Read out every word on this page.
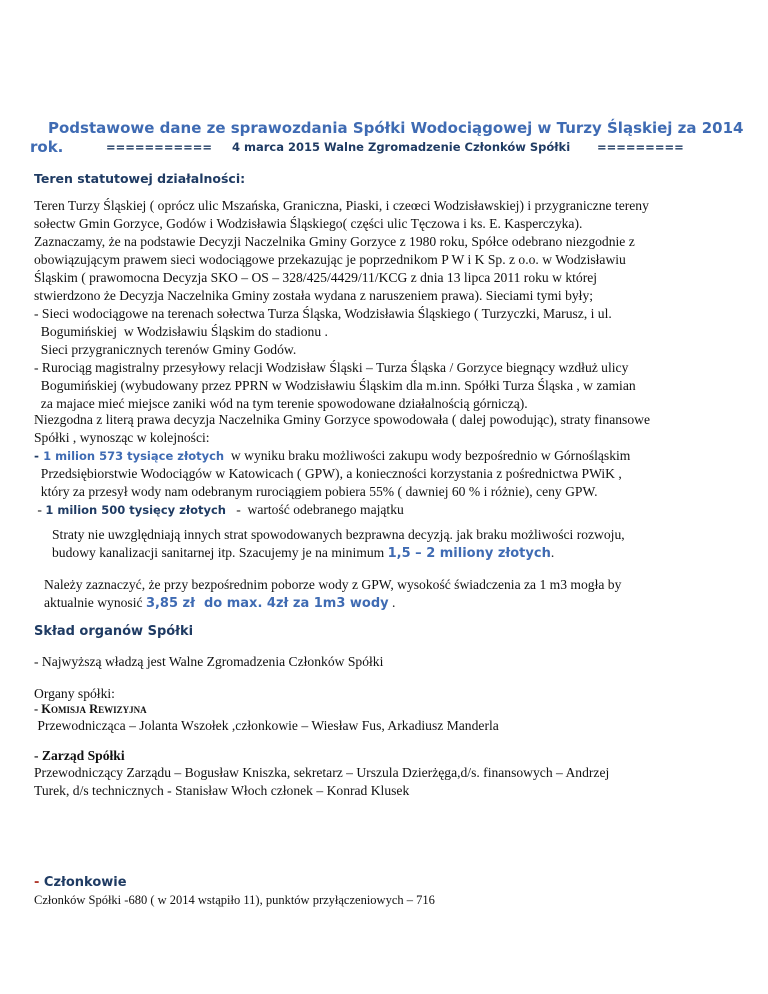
Podstawowe dane ze sprawozdania Spółki Wodociągowej w Turzy Śląskiej za 2014
rok.	=========== 4 marca 2015 Walne Zgromadzenie Członków Spółki =========
Teren statutowej działalności:
Teren Turzy Śląskiej ( oprócz ulic Mszańska, Graniczna, Piaski, i czeœci Wodzisławskiej) i przygraniczne tereny
sołectw Gmin Gorzyce, Godów i Wodzisławia Śląskiego( części ulic Tęczowa i ks. E. Kasperczyka).
Zaznaczamy, że na podstawie Decyzji Naczelnika Gminy Gorzyce z 1980 roku, Spółce odebrano niezgodnie z
obowiązującym prawem sieci wodociągowe przekazując je poprzednikom P W i K Sp. z o.o. w Wodzisławiu
Śląskim ( prawomocna Decyzja SKO – OS – 328/425/4429/11/KCG z dnia 13 lipca 2011 roku w której
stwierdzono że Decyzja Naczelnika Gminy została wydana z naruszeniem prawa). Sieciami tymi były;
- Sieci wodociągowe na terenach sołectwa Turza Śląska, Wodzisławia Śląskiego ( Turzyczki, Marusz, i ul.
Bogumińskiej  w Wodzisławiu Śląskim do stadionu .
Sieci przygranicznych terenów Gminy Godów.
- Rurociąg magistralny przesyłowy relacji Wodzisław Śląski – Turza Śląska / Gorzyce biegnący wzdłuż ulicy
Bogumińskiej (wybudowany przez PPRN w Wodzisławiu Śląskim dla m.inn. Spółki Turza Śląska , w zamian
za majace mieć miejsce zaniki wód na tym terenie spowodowane działalnością górniczą).
Niezgodna z literą prawa decyzja Naczelnika Gminy Gorzyce spowodowała ( dalej powodując), straty finansowe
Spółki , wynosząc w kolejności:
- 1 milion 573 tysiące złotych  w wyniku braku możliwości zakupu wody bezpośrednio w Górnośląskim
Przedsiębiorstwie Wodociągów w Katowicach ( GPW), a konieczności korzystania z pośrednictwa PWiK ,
który za przesył wody nam odebranym rurociągiem pobiera 55% ( dawniej 60 % i różnie), ceny GPW.
- 1 milion 500 tysięcy złotych   -  wartość odebranego majątku
Straty nie uwzględniają innych strat spowodowanych bezprawna decyzją. jak braku możliwości rozwoju,
budowy kanalizacji sanitarnej itp. Szacujemy je na minimum 1,5 – 2 miliony złotych.
Należy zaznaczyć, że przy bezpośrednim poborze wody z GPW, wysokość świadczenia za 1 m3 mogła by
aktualnie wynosić 3,85 zł  do max. 4zł za 1m3 wody .
Skład organów Spółki
- Najwyższą władzą jest Walne Zgromadzenia Członków Spółki
Organy spółki:
- Komisja Rewizyjna
Przewodnicząca – Jolanta Wszołek ,członkowie – Wiesław Fus, Arkadiusz Manderla
- Zarząd Spółki
Przewodniczący Zarządu – Bogusław Kniszka, sekretarz – Urszula Dzierżęga,d/s. finansowych – Andrzej
Turek, d/s technicznych - Stanisław Włoch członek – Konrad Klusek
- Członkowie
Członków Spółki -680 ( w 2014 wstąpiło 11), punktów przyłączeniowych – 716
